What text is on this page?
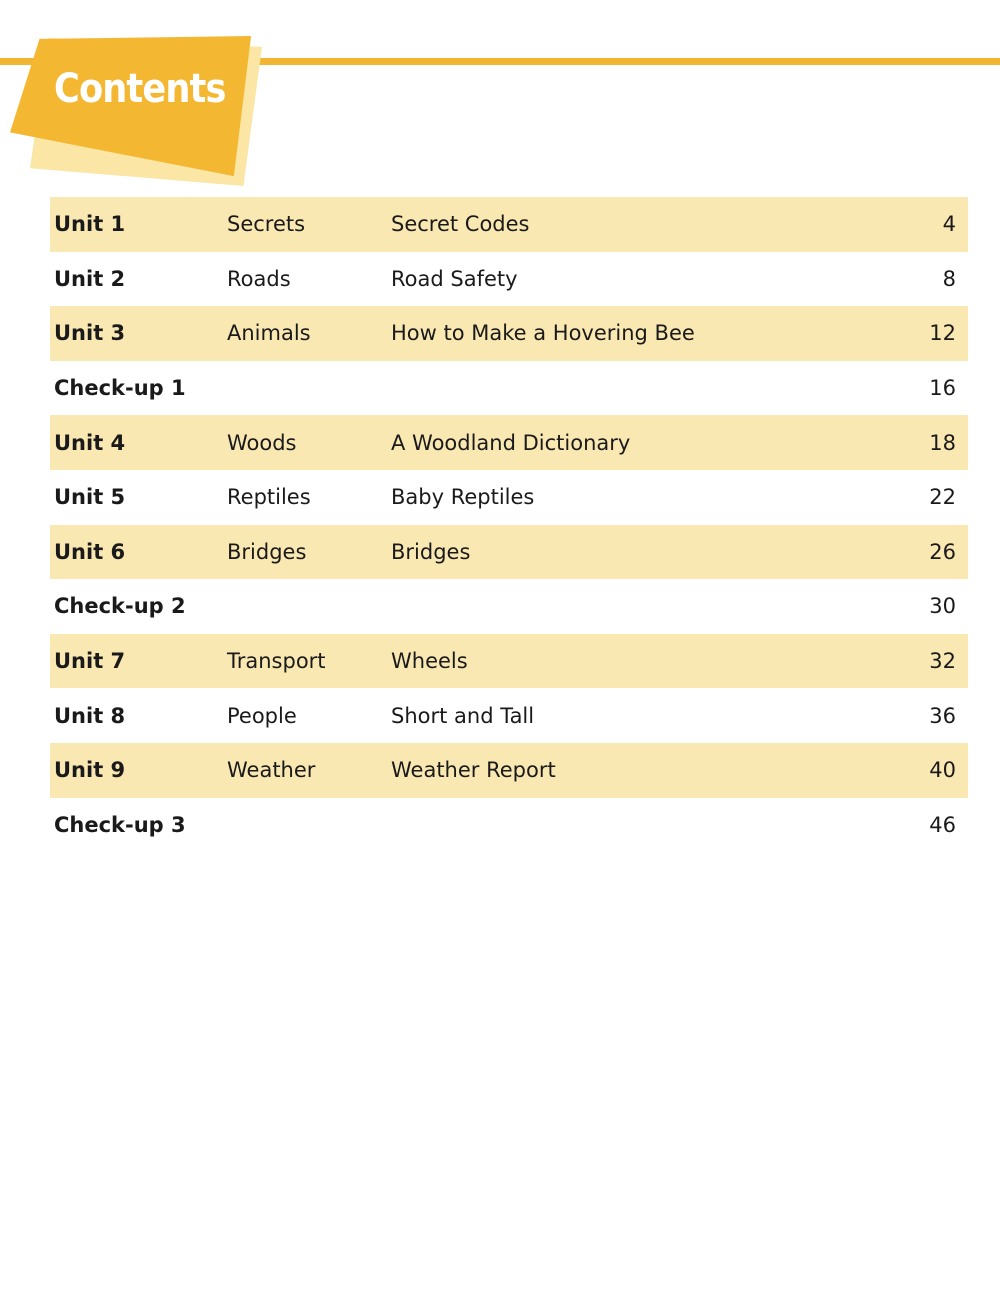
Contents
Unit 1	Secrets	Secret Codes	4
Unit 2	Roads	Road Safety	8
Unit 3	Animals	How to Make a Hovering Bee	12
Check-up 1	16
Unit 4	Woods	A Woodland Dictionary	18
Unit 5	Reptiles	Baby Reptiles	22
Unit 6	Bridges	Bridges	26
Check-up 2	30
Unit 7	Transport	Wheels	32
Unit 8	People	Short and Tall	36
Unit 9	Weather	Weather Report	40
Check-up 3	46
